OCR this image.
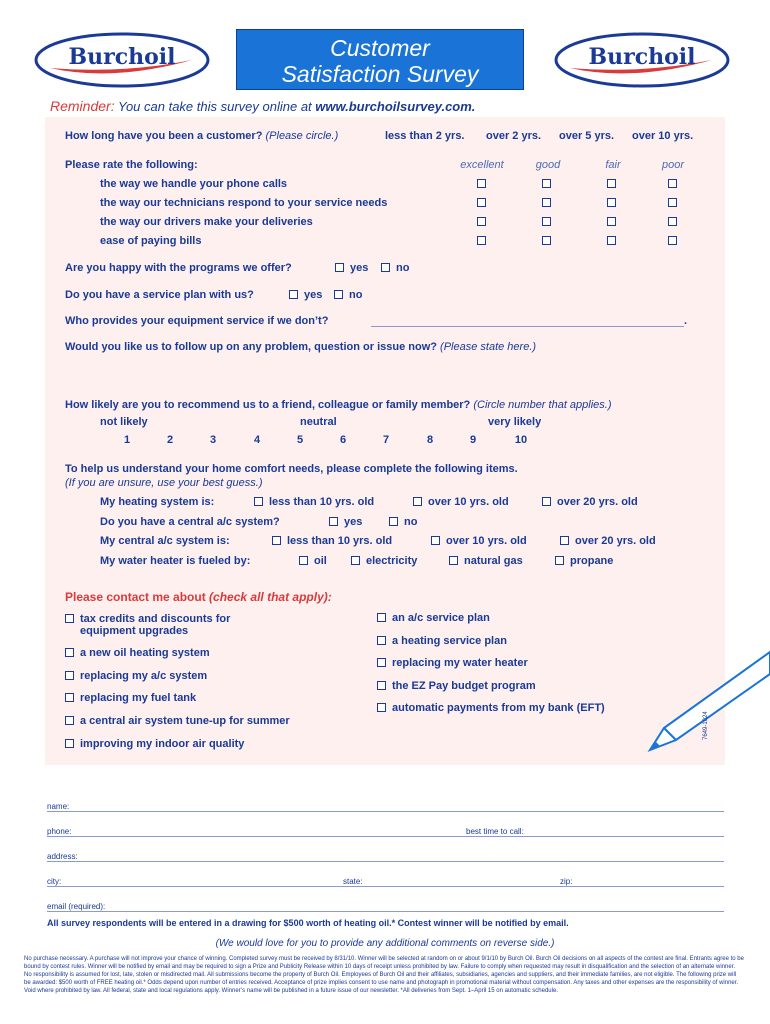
Burchoil	Burchoil
Customer
Satisfaction Survey
Reminder: You can take this survey online at www.burchoilsurvey.com.
How long have you been a customer? (Please circle.)	less than 2 yrs. over 2 yrs. over 5 yrs. over 10 yrs.
Please rate the following:	excellent	good	fair	poor
the way we handle your phone calls
the way our technicians respond to your service needs
the way our drivers make your deliveries
ease of paying bills
Are you happy with the programs we offer?	yes	no
Do you have a service plan with us?	yes	no
Who provides your equipment service if we don’t?	.
Would you like us to follow up on any problem, question or issue now? (Please state here.)
How likely are you to recommend us to a friend, colleague or family member? (Circle number that applies.)
not likely	neutral	very likely
1	2	3	4	5	6	7	8	9	10
To help us understand your home comfort needs, please complete the following items.
(If you are unsure, use your best guess.)
My heating system is:	less than 10 yrs. old	over 10 yrs. old	over 20 yrs. old
Do you have a central a/c system?	yes	no
My central a/c system is:	less than 10 yrs. old	over 10 yrs. old	over 20 yrs. old
My water heater is fueled by:	oil	electricity	natural gas	propane
Please contact me about (check all that apply):
tax credits and discounts for
equipment upgrades
a new oil heating system
replacing my a/c system
replacing my fuel tank
a central air system tune-up for summer
improving my indoor air quality
an a/c service plan
a heating service plan
replacing my water heater
the EZ Pay budget program
automatic payments from my bank (EFT)
7649-1024
name:
phone:	best time to call:
address:
city:	state:	zip:
email (required):
All survey respondents will be entered in a drawing for $500 worth of heating oil.* Contest winner will be notified by email.
(We would love for you to provide any additional comments on reverse side.)
No purchase necessary. A purchase will not improve your chance of winning. Completed survey must be received by 8/31/10. Winner will be selected at random on or about 9/1/10 by Burch Oil. Burch Oil decisions on all aspects of the contest are final. Entrants agree to be bound by contest rules. Winner will be notified by email and may be required to sign a Prize and Publicity Release within 10 days of receipt unless prohibited by law. Failure to comply when requested may result in disqualification and the selection of an alternate winner. No responsibility is assumed for lost, late, stolen or misdirected mail. All submissions become the property of Burch Oil. Employees of Burch Oil and their affiliates, subsidiaries, agencies and suppliers, and their immediate families, are not eligible. The following prize will be awarded: $500 worth of FREE heating oil.* Odds depend upon number of entries received. Acceptance of prize implies consent to use name and photograph in promotional material without compensation. Any taxes and other expenses are the responsibility of winner. Void where prohibited by law. All federal, state and local regulations apply. Winner’s name will be published in a future issue of our newsletter. *All deliveries from Sept. 1–April 15 on automatic schedule.
